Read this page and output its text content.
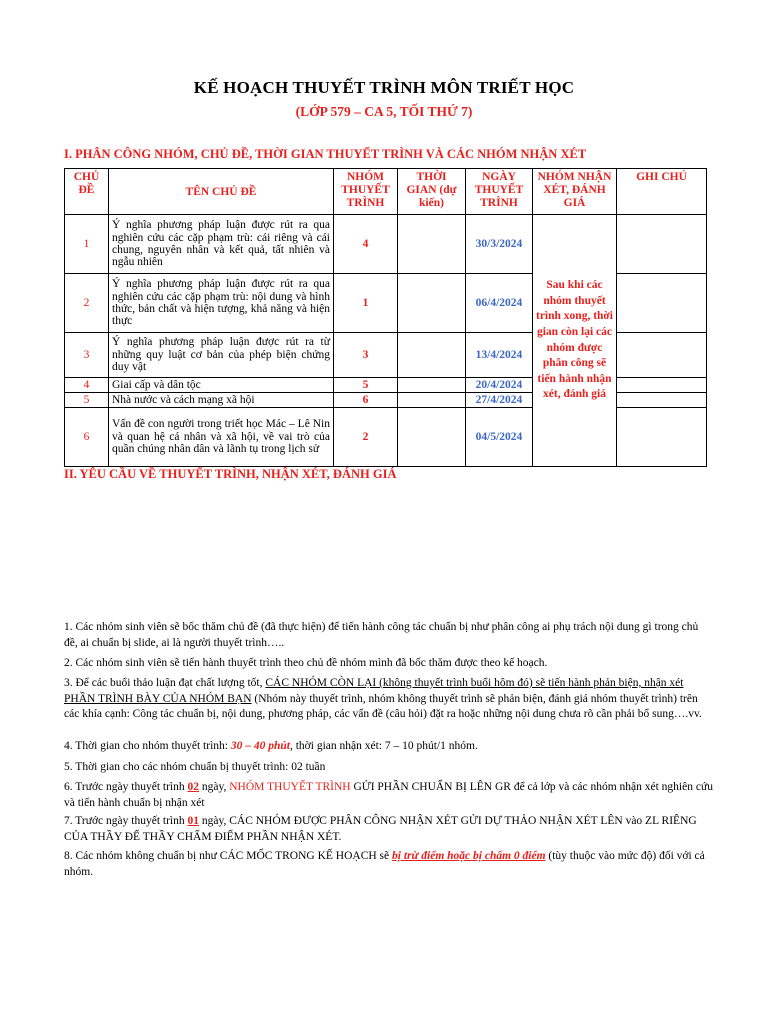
KẾ HOẠCH THUYẾT TRÌNH MÔN TRIẾT HỌC
(LỚP 579 – CA 5, TỐI THỨ 7)
I. PHÂN CÔNG NHÓM, CHỦ ĐỀ, THỜI GIAN THUYẾT TRÌNH VÀ CÁC NHÓM NHẬN XÉT
CHỦ ĐỀ	TÊN CHỦ ĐỀ	NHÓM THUYẾT TRÌNH	THỜI GIAN (dự kiến)	NGÀY THUYẾT TRÌNH	NHÓM NHẬN XÉT, ĐÁNH GIÁ	GHI CHÚ
1	Ý nghĩa phương pháp luận được rút ra qua nghiên cứu các cặp phạm trù: cái riêng và cái chung, nguyên nhân và kết quả, tất nhiên và ngẫu nhiên	4		30/3/2024	Sau khi các nhóm thuyết trình xong, thời gian còn lại các nhóm được phân công sẽ tiến hành nhận xét, đánh giá	
2	Ý nghĩa phương pháp luận được rút ra qua nghiên cứu các cặp phạm trù: nội dung và hình thức, bản chất và hiện tượng, khả năng và hiện thực	1		06/4/2024		
3	Ý nghĩa phương pháp luận được rút ra từ những quy luật cơ bản của phép biện chứng duy vật	3		13/4/2024		
4	Giai cấp và dân tộc	5		20/4/2024		
5	Nhà nước và cách mạng xã hội	6		27/4/2024		
6	Vấn đề con người trong triết học Mác – Lê Nin và quan hệ cá nhân và xã hội, về vai trò của quần chúng nhân dân và lãnh tụ trong lịch sử	2		04/5/2024		
II. YÊU CẦU VỀ THUYẾT TRÌNH, NHẬN XÉT, ĐÁNH GIÁ
1. Các nhóm sinh viên sẽ bốc thăm chủ đề (đã thực hiện) để tiến hành công tác chuẩn bị như phân công ai phụ trách nội dung gì trong chủ đề, ai chuẩn bị slide, ai là người thuyết trình…..
2. Các nhóm sinh viên sẽ tiến hành thuyết trình theo chủ đề nhóm mình đã bốc thăm được theo kế hoạch.
3. Để các buổi thảo luận đạt chất lượng tốt, CÁC NHÓM CÒN LẠI (không thuyết trình buổi hôm đó) sẽ tiến hành phản biện, nhận xét PHẦN TRÌNH BÀY CỦA NHÓM BẠN (Nhóm này thuyết trình, nhóm không thuyết trình sẽ phản biện, đánh giá nhóm thuyết trình) trên các khía cạnh: Công tác chuẩn bị, nội dung, phương pháp, các vấn đề (câu hỏi) đặt ra hoặc những nội dung chưa rõ cần phải bổ sung….vv.
4. Thời gian cho nhóm thuyết trình: 30 – 40 phút, thời gian nhận xét: 7 – 10 phút/1 nhóm.
5. Thời gian cho các nhóm chuẩn bị thuyết trình: 02 tuần
6. Trước ngày thuyết trình 02 ngày, NHÓM THUYẾT TRÌNH GỬI PHẦN CHUẨN BỊ LÊN GR để cả lớp và các nhóm nhận xét nghiên cứu và tiến hành chuẩn bị nhận xét
7. Trước ngày thuyết trình 01 ngày, CÁC NHÓM ĐƯỢC PHÂN CÔNG NHẬN XÉT GỬI DỰ THẢO NHẬN XÉT LÊN vào ZL RIÊNG CỦA THẦY ĐỂ THẦY CHẤM ĐIỂM PHẦN NHẬN XÉT.
8. Các nhóm không chuẩn bị như CÁC MỐC TRONG KẾ HOẠCH sẽ bị trừ điểm hoặc bị chấm 0 điểm (tùy thuộc vào mức độ) đối với cả nhóm.
